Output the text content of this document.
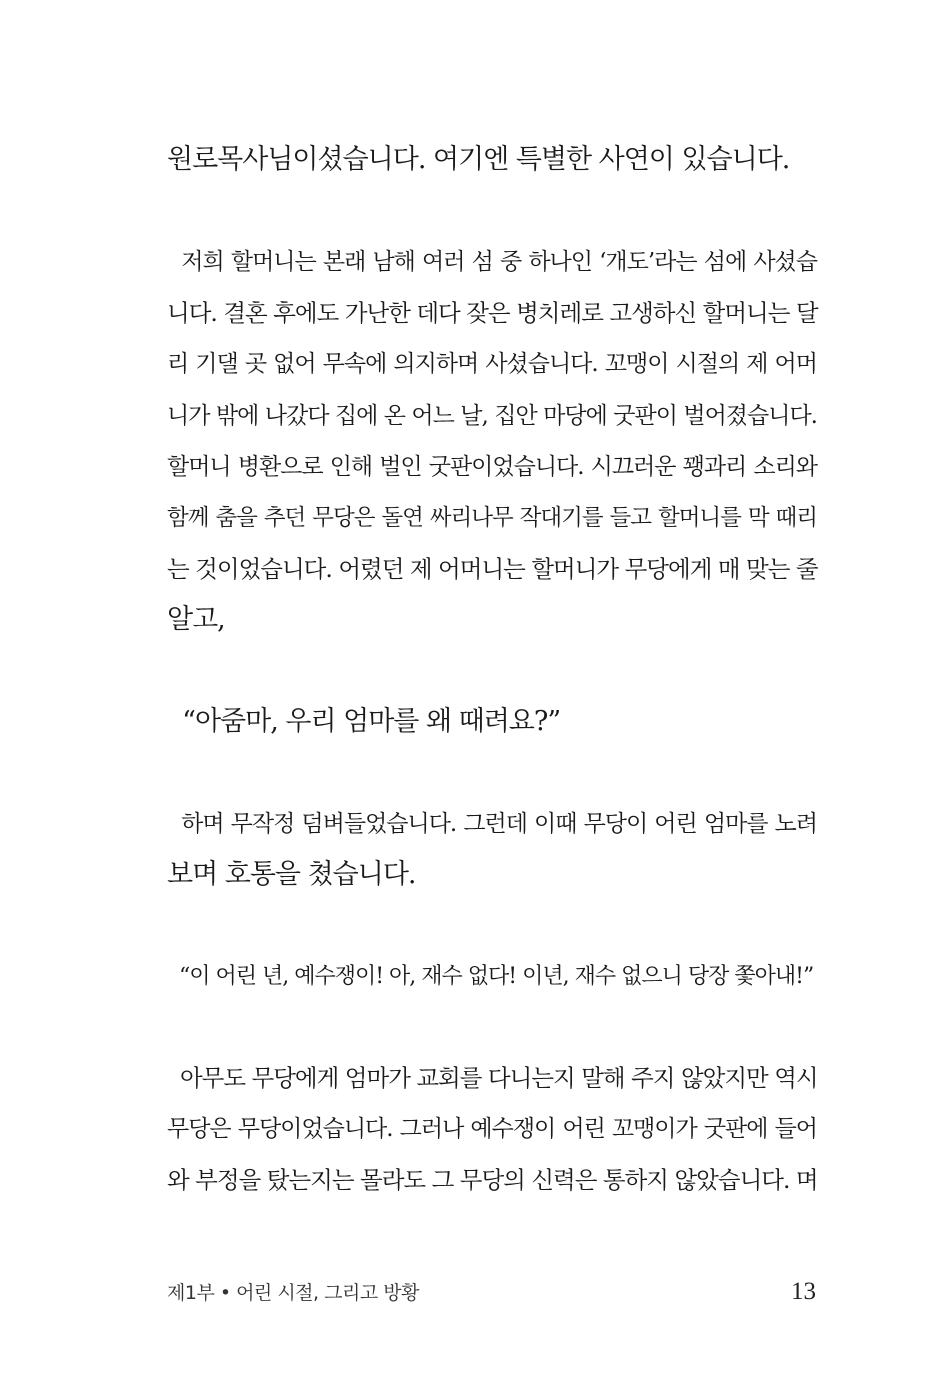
원로목사님이셨습니다. 여기엔 특별한 사연이 있습니다.
저희 할머니는 본래 남해 여러 섬 중 하나인 ‘개도’라는 섬에 사셨습
니다. 결혼 후에도 가난한 데다 잦은 병치레로 고생하신 할머니는 달
리 기댈 곳 없어 무속에 의지하며 사셨습니다. 꼬맹이 시절의 제 어머
니가 밖에 나갔다 집에 온 어느 날, 집안 마당에 굿판이 벌어졌습니다.
할머니 병환으로 인해 벌인 굿판이었습니다. 시끄러운 꽹과리 소리와
함께 춤을 추던 무당은 돌연 싸리나무 작대기를 들고 할머니를 막 때리
는 것이었습니다. 어렸던 제 어머니는 할머니가 무당에게 매 맞는 줄
알고,
“아줌마, 우리 엄마를 왜 때려요?”
하며 무작정 덤벼들었습니다. 그런데 이때 무당이 어린 엄마를 노려
보며 호통을 쳤습니다.
“이 어린 년, 예수쟁이! 아, 재수 없다! 이년, 재수 없으니 당장 쫓아내!”
아무도 무당에게 엄마가 교회를 다니는지 말해 주지 않았지만 역시
무당은 무당이었습니다. 그러나 예수쟁이 어린 꼬맹이가 굿판에 들어
와 부정을 탔는지는 몰라도 그 무당의 신력은 통하지 않았습니다. 며
제1부 • 어린 시절, 그리고 방황	13
